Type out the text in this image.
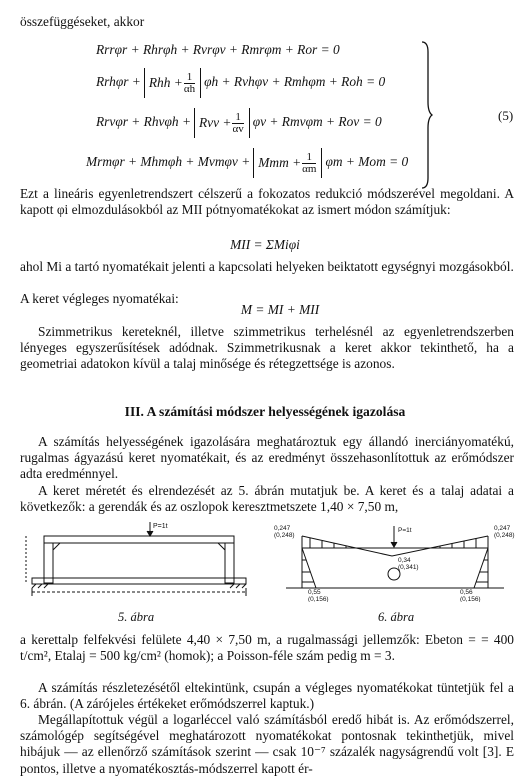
összefüggéseket, akkor
Rrrφr + Rhrφh + Rvrφv + Rmrφm + Ror = 0
Rrhφr + Rhh + $\frac{1}{\alpha h}$ φh + Rvhφv + Rmhφm + Roh = 0
Rrvφr + Rhvφh + Rvv + $\frac{1}{\alpha v}$ φv + Rmvφm + Rov = 0
Mrmφr + Mhmφh + Mvmφv + Mmm + $\frac{1}{\alpha m}$ φm + Mom = 0
(5)
Ezt a lineáris egyenletrendszert célszerű a fokozatos redukció módszerével megoldani. A kapott φi elmozdulásokból az MII pótnyomatékokat az ismert módon számítjuk:
MII = ΣMiφi
ahol Mi a tartó nyomatékait jelenti a kapcsolati helyeken beiktatott egységnyi mozgásokból.
A keret végleges nyomatékai:
M = MI + MII
Szimmetrikus kereteknél, illetve szimmetrikus terhelésnél az egyenletrendszerben lényeges egyszerűsítések adódnak. Szimmetrikusnak a keret akkor tekinthető, ha a geometriai adatokon kívül a talaj minősége és rétegzettsége is azonos.
III. A számítási módszer helyességének igazolása
A számítás helyességének igazolására meghatároztuk egy állandó inerciányomatékú, rugalmas ágyazású keret nyomatékait, és az eredményt összehasonlítottuk az erőmódszer adta eredménnyel.
A keret méretét és elrendezését az 5. ábrán mutatjuk be. A keret és a talaj adatai a következők: a gerendák és az oszlopok keresztmetszete 1,40 × 7,50 m,
P=1t
P=1t
0,247
(0,248)
0,247
(0,248)
0,55
(0,156)
0,56
(0,156)
0,34
(0,341)
5. ábra	6. ábra
a kerettalp felfekvési felülete 4,40 × 7,50 m, a rugalmassági jellemzők: Ebeton = = 400 t/cm², Etalaj = 500 kg/cm² (homok); a Poisson-féle szám pedig m = 3.
A számítás részletezésétől eltekintünk, csupán a végleges nyomatékokat tüntetjük fel a 6. ábrán. (A zárójeles értékeket erőmódszerrel kaptuk.)
Megállapítottuk végül a logarléccel való számításból eredő hibát is. Az erőmódszerrel, számológép segítségével meghatározott nyomatékokat pontosnak tekinthetjük, mivel hibájuk — az ellenőrző számítások szerint — csak 10⁻⁷ százalék nagyságrendű volt [3]. E pontos, illetve a nyomatékosztás-módszerrel kapott ér-
